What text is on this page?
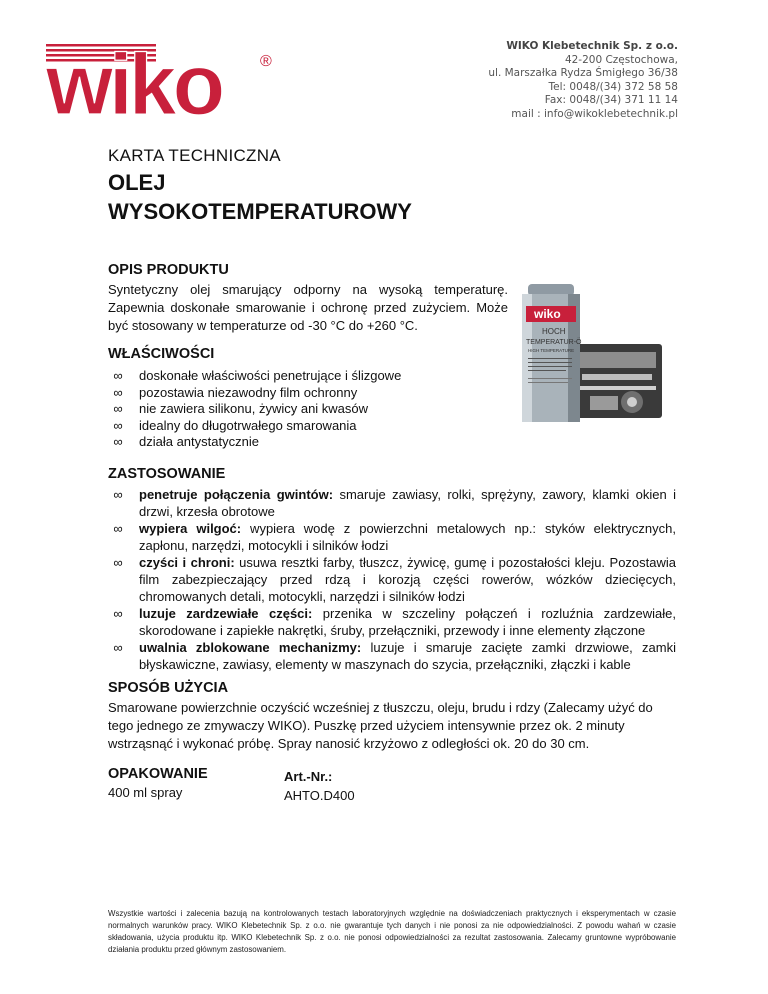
wiko ®
WIKO Klebetechnik Sp. z o.o.
42-200 Częstochowa,
ul. Marszałka Rydza Śmigłego 36/38
Tel: 0048/(34) 372 58 58
Fax: 0048/(34) 371 11 14
mail : info@wikoklebetechnik.pl
KARTA TECHNICZNA
OLEJ
WYSOKOTEMPERATUROWY
OPIS PRODUKTU
Syntetyczny olej smarujący odporny na wysoką temperaturę. Zapewnia doskonałe smarowanie i ochronę przed zużyciem. Może być stosowany w temperaturze od -30 °C do +260 °C.
wiko
HOCH
TEMPERATUR-Ö
HIGH TEMPERATURE
WŁAŚCIWOŚCI
∞	doskonałe właściwości penetrujące i ślizgowe
∞	pozostawia niezawodny film ochronny
∞	nie zawiera silikonu, żywicy ani kwasów
∞	idealny do długotrwałego smarowania
∞	działa antystatycznie
ZASTOSOWANIE
∞	penetruje połączenia gwintów: smaruje zawiasy, rolki, sprężyny, zawory, klamki okien i drzwi, krzesła obrotowe
∞	wypiera wilgoć: wypiera wodę z powierzchni metalowych np.: styków elektrycznych, zapłonu, narzędzi, motocykli i silników łodzi
∞	czyści i chroni: usuwa resztki farby, tłuszcz, żywicę, gumę i pozostałości kleju. Pozostawia film zabezpieczający przed rdzą i korozją części rowerów, wózków dziecięcych, chromowanych detali, motocykli, narzędzi i silników łodzi
∞	luzuje zardzewiałe części: przenika w szczeliny połączeń i rozluźnia zardzewiałe, skorodowane i zapiekłe nakrętki, śruby, przełączniki, przewody i inne elementy złączone
∞	uwalnia zblokowane mechanizmy: luzuje i smaruje zacięte zamki drzwiowe, zamki błyskawiczne, zawiasy, elementy w maszynach do szycia, przełączniki, złączki i kable
SPOSÓB UŻYCIA
Smarowane powierzchnie oczyścić wcześniej z tłuszczu, oleju, brudu i rdzy (Zalecamy użyć do tego jednego ze zmywaczy WIKO). Puszkę przed użyciem intensywnie przez ok. 2 minuty wstrząsnąć i wykonać próbę. Spray nanosić krzyżowo z odległości ok. 20 do 30 cm.
OPAKOWANIE
400 ml spray
Art.-Nr.:
AHTO.D400
Wszystkie wartości i zalecenia bazują na kontrolowanych testach laboratoryjnych względnie na doświadczeniach praktycznych i eksperymentach w czasie normalnych warunków pracy. WIKO Klebetechnik Sp. z o.o. nie gwarantuje tych danych i nie ponosi za nie odpowiedzialności. Z powodu wahań w czasie składowania, użycia produktu itp. WIKO Klebetechnik Sp. z o.o. nie ponosi odpowiedzialności za rezultat zastosowania. Zalecamy gruntowne wypróbowanie działania produktu przed głównym zastosowaniem.
